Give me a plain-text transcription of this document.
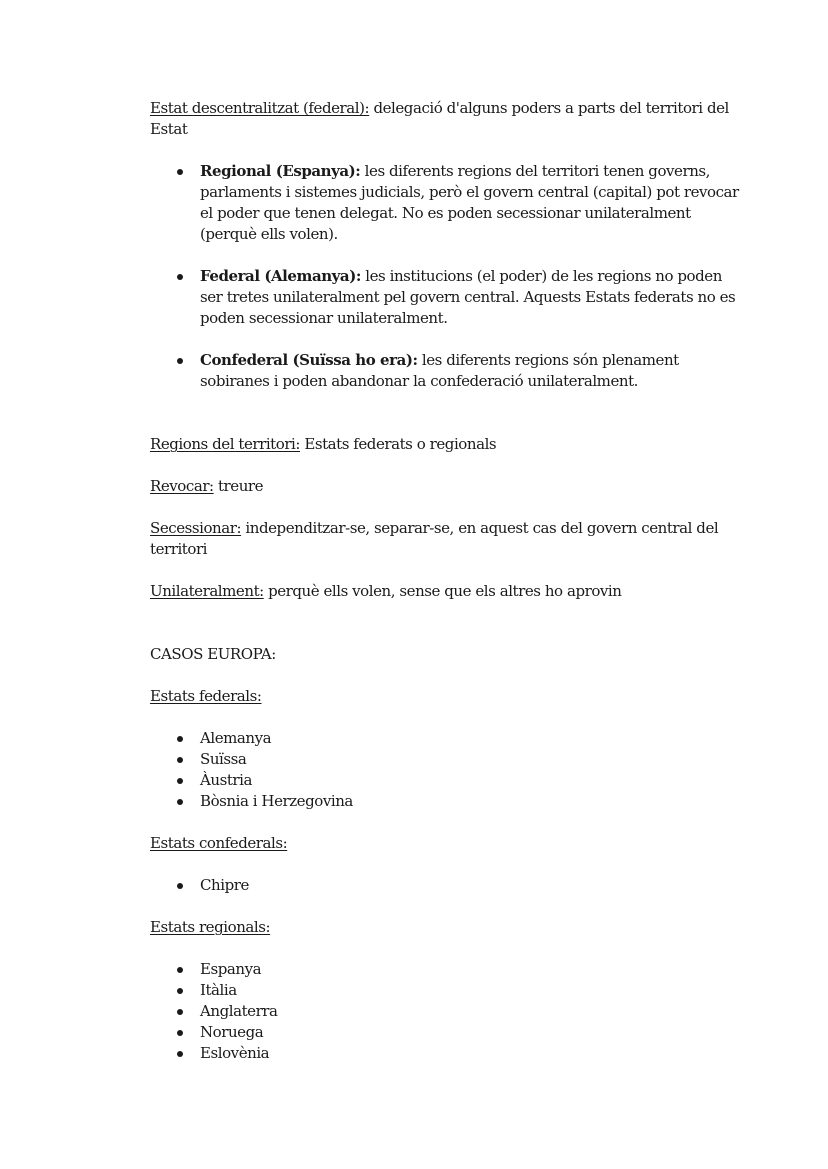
Estat descentralitzat (federal): delegació d'alguns poders a parts del territori del Estat

Regional (Espanya): les diferents regions del territori tenen governs, parlaments i sistemes judicials, però el govern central (capital) pot revocar el poder que tenen delegat. No es poden secessionar unilateralment (perquè ells volen).
Federal (Alemanya): les institucions (el poder) de les regions no poden ser tretes unilateralment pel govern central. Aquests Estats federats no es poden secessionar unilateralment.
Confederal (Suïssa ho era): les diferents regions són plenament sobiranes i poden abandonar la confederació unilateralment.

Regions del territori: Estats federats o regionals

Revocar: treure

Secessionar: independitzar-se, separar-se, en aquest cas del govern central del territori

Unilateralment: perquè ells volen, sense que els altres ho aprovin

CASOS EUROPA:

Estats federals:

Alemanya
Suïssa
Àustria
Bòsnia i Herzegovina

Estats confederals:

Chipre

Estats regionals:

Espanya
Itàlia
Anglaterra
Noruega
Eslovènia
